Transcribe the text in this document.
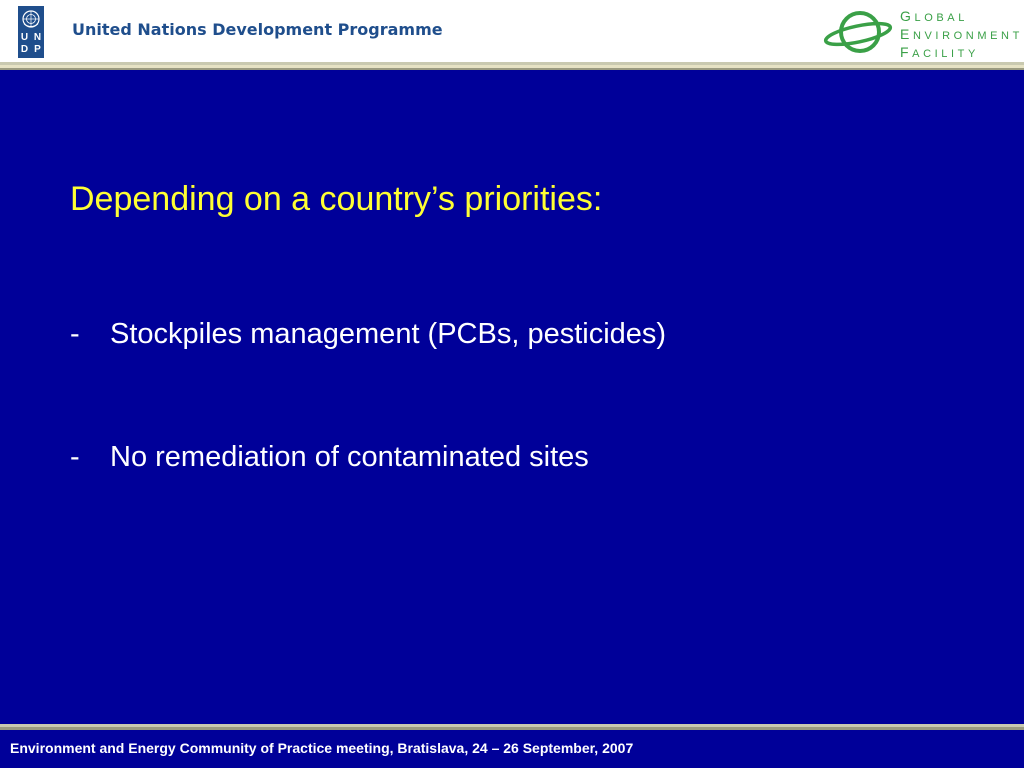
U N
D P
United Nations Development Programme
GLOBAL
ENVIRONMENT
FACILITY
Depending on a country’s priorities:
- Stockpiles management (PCBs, pesticides)
- No remediation of contaminated sites
Environment and Energy Community of Practice meeting, Bratislava, 24 – 26 September, 2007
